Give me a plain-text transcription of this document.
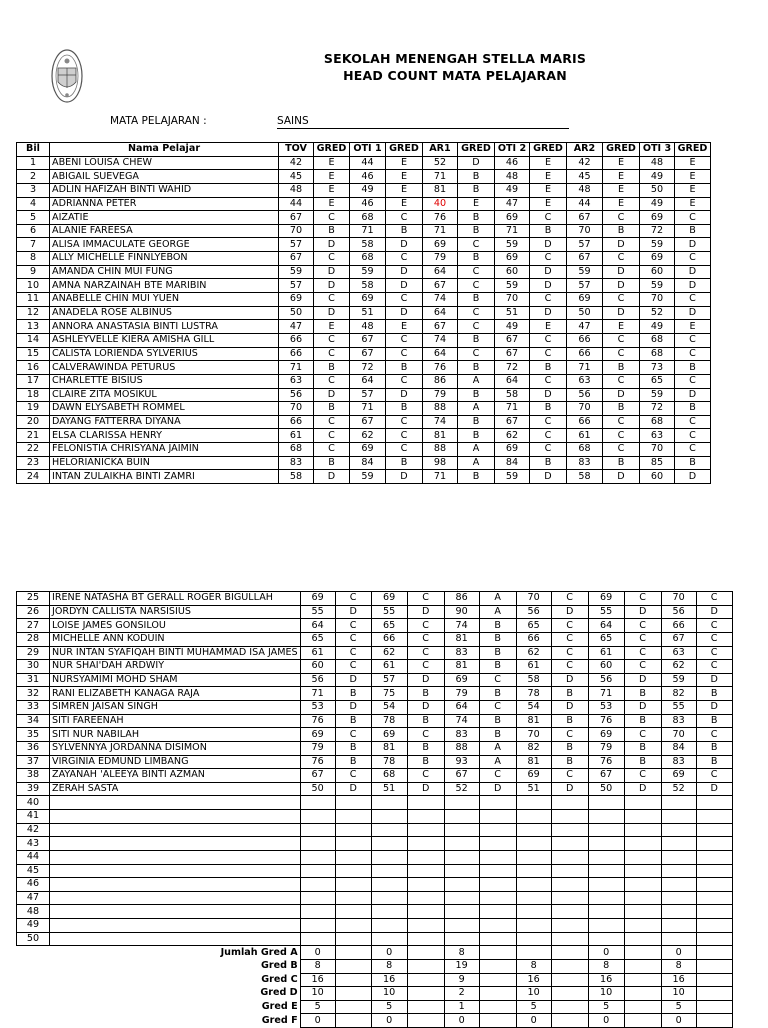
SEKOLAH MENENGAH STELLA MARIS
HEAD COUNT MATA PELAJARAN
MATA PELAJARAN :	SAINS
Bil	Nama Pelajar	TOV	GRED	OTI 1	GRED	AR1	GRED	OTI 2	GRED	AR2	GRED	OTI 3	GRED
1	ABENI LOUISA CHEW	42	E	44	E	52	D	46	E	42	E	48	E
2	ABIGAIL SUEVEGA	45	E	46	E	71	B	48	E	45	E	49	E
3	ADLIN HAFIZAH BINTI WAHID	48	E	49	E	81	B	49	E	48	E	50	E
4	ADRIANNA PETER	44	E	46	E	40	E	47	E	44	E	49	E
5	AIZATIE	67	C	68	C	76	B	69	C	67	C	69	C
6	ALANIE FAREESA	70	B	71	B	71	B	71	B	70	B	72	B
7	ALISA IMMACULATE GEORGE	57	D	58	D	69	C	59	D	57	D	59	D
8	ALLY MICHELLE FINNLYEBON	67	C	68	C	79	B	69	C	67	C	69	C
9	AMANDA CHIN MUI FUNG	59	D	59	D	64	C	60	D	59	D	60	D
10	AMNA NARZAINAH BTE MARIBIN	57	D	58	D	67	C	59	D	57	D	59	D
11	ANABELLE CHIN MUI YUEN	69	C	69	C	74	B	70	C	69	C	70	C
12	ANADELA ROSE ALBINUS	50	D	51	D	64	C	51	D	50	D	52	D
13	ANNORA ANASTASIA BINTI LUSTRA	47	E	48	E	67	C	49	E	47	E	49	E
14	ASHLEYVELLE KIERA AMISHA GILL	66	C	67	C	74	B	67	C	66	C	68	C
15	CALISTA LORIENDA SYLVERIUS	66	C	67	C	64	C	67	C	66	C	68	C
16	CALVERAWINDA PETURUS	71	B	72	B	76	B	72	B	71	B	73	B
17	CHARLETTE BISIUS	63	C	64	C	86	A	64	C	63	C	65	C
18	CLAIRE ZITA MOSIKUL	56	D	57	D	79	B	58	D	56	D	59	D
19	DAWN ELYSABETH ROMMEL	70	B	71	B	88	A	71	B	70	B	72	B
20	DAYANG FATTERRA DIYANA	66	C	67	C	74	B	67	C	66	C	68	C
21	ELSA CLARISSA HENRY	61	C	62	C	81	B	62	C	61	C	63	C
22	FELONISTIA CHRISYANA JAIMIN	68	C	69	C	88	A	69	C	68	C	70	C
23	HELORIANICKA BUIN	83	B	84	B	98	A	84	B	83	B	85	B
24	INTAN ZULAIKHA BINTI ZAMRI	58	D	59	D	71	B	59	D	58	D	60	D
25	IRENE NATASHA BT GERALL ROGER BIGULLAH	69	C	69	C	86	A	70	C	69	C	70	C
26	JORDYN CALLISTA NARSISIUS	55	D	55	D	90	A	56	D	55	D	56	D
27	LOISE JAMES GONSILOU	64	C	65	C	74	B	65	C	64	C	66	C
28	MICHELLE ANN KODUIN	65	C	66	C	81	B	66	C	65	C	67	C
29	NUR INTAN SYAFIQAH BINTI MUHAMMAD ISA JAMES	61	C	62	C	83	B	62	C	61	C	63	C
30	NUR SHAI'DAH ARDWIY	60	C	61	C	81	B	61	C	60	C	62	C
31	NURSYAMIMI MOHD SHAM	56	D	57	D	69	C	58	D	56	D	59	D
32	RANI ELIZABETH KANAGA RAJA	71	B	75	B	79	B	78	B	71	B	82	B
33	SIMREN JAISAN SINGH	53	D	54	D	64	C	54	D	53	D	55	D
34	SITI FAREENAH	76	B	78	B	74	B	81	B	76	B	83	B
35	SITI NUR NABILAH	69	C	69	C	83	B	70	C	69	C	70	C
36	SYLVENNYA JORDANNA DISIMON	79	B	81	B	88	A	82	B	79	B	84	B
37	VIRGINIA EDMUND LIMBANG	76	B	78	B	93	A	81	B	76	B	83	B
38	ZAYANAH 'ALEEYA BINTI AZMAN	67	C	68	C	67	C	69	C	67	C	69	C
39	ZERAH SASTA	50	D	51	D	52	D	51	D	50	D	52	D
40													
41													
42													
43													
44													
45													
46													
47													
48													
49													
50													
Jumlah Gred A		0		0		8				0		0	
Gred B		8		8		19		8		8		8	
Gred C		16		16		9		16		16		16	
Gred D		10		10		2		10		10		10	
Gred E		5		5		1		5		5		5	
Gred F		0		0		0		0		0		0	
